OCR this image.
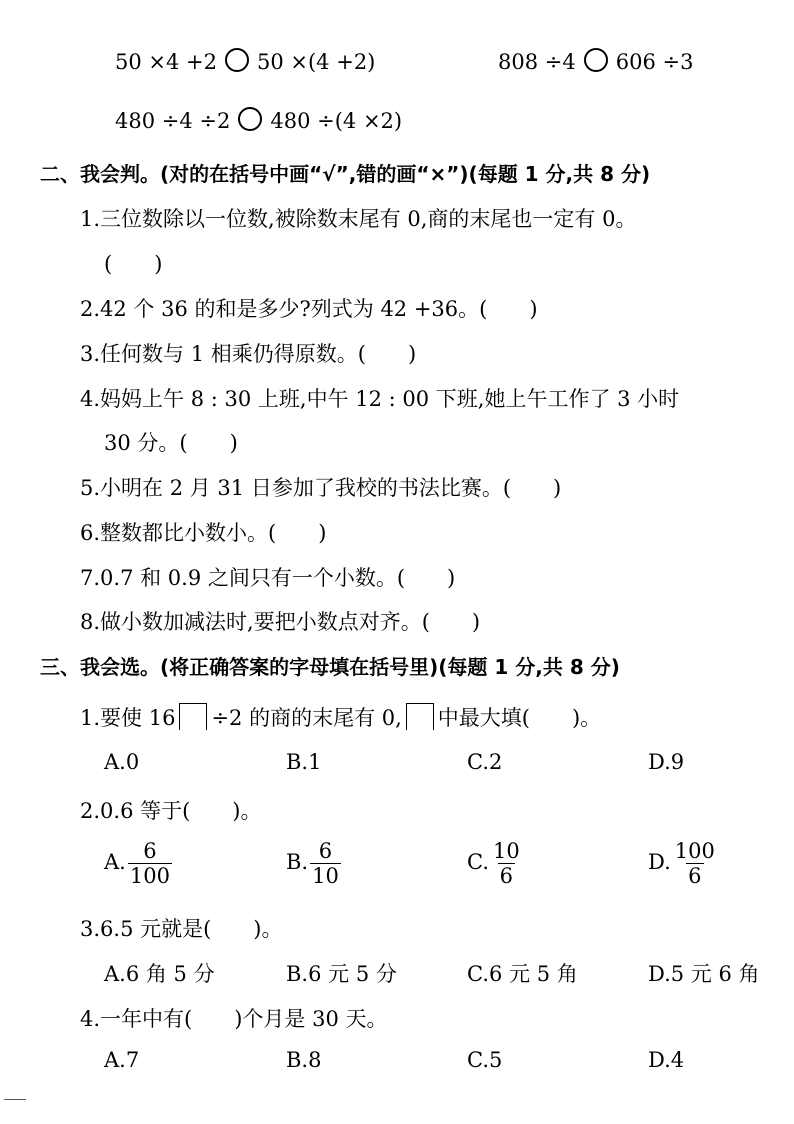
50 ×4 +2 50 ×(4 +2)	808 ÷4 606 ÷3
480 ÷4 ÷2 480 ÷(4 ×2)
二、我会判。(对的在括号中画“√”,错的画“×”)(每题 1 分,共 8 分)
1.三位数除以一位数,被除数末尾有 0,商的末尾也一定有 0。
(　　)
2.42 个 36 的和是多少?列式为 42 +36。(　　)
3.任何数与 1 相乘仍得原数。(　　)
4.妈妈上午 8 : 30 上班,中午 12 : 00 下班,她上午工作了 3 小时
30 分。(　　)
5.小明在 2 月 31 日参加了我校的书法比赛。(　　)
6.整数都比小数小。(　　)
7.0.7 和 0.9 之间只有一个小数。(　　)
8.做小数加减法时,要把小数点对齐。(　　)
三、我会选。(将正确答案的字母填在括号里)(每题 1 分,共 8 分)
1.要使 16 ÷2 的商的末尾有 0, 中最大填(　　)。
A.0	B.1	C.2	D.9
2.0.6 等于(　　)。
A. $\frac{6}{100}$	B. $\frac{6}{10}$	C. $\frac{10}{6}$	D. $\frac{100}{6}$
3.6.5 元就是(　　)。
A.6 角 5 分	B.6 元 5 分	C.6 元 5 角	D.5 元 6 角
4.一年中有(　　)个月是 30 天。
A.7	B.8	C.5	D.4
